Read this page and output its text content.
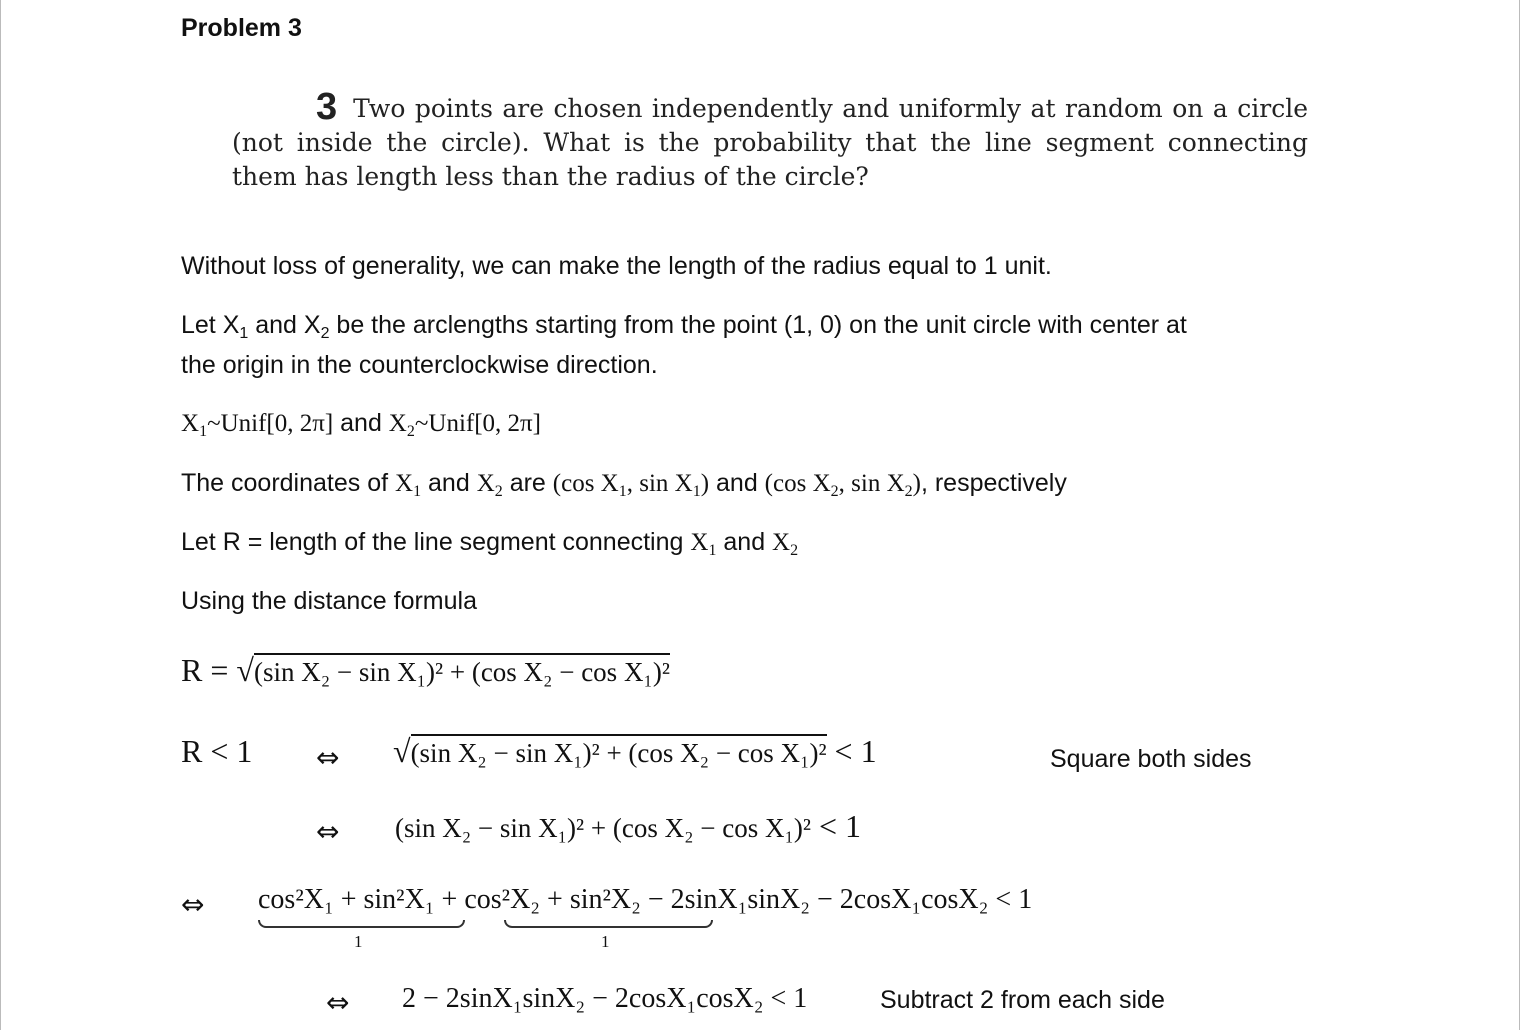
Problem 3
3 Two points are chosen independently and uniformly at random on a circle (not inside the circle). What is the probability that the line segment connecting them has length less than the radius of the circle?
Without loss of generality, we can make the length of the radius equal to 1 unit.
Let $X_1$ and $X_2$ be the arclengths starting from the point (1, 0) on the unit circle with center at
the origin in the counterclockwise direction.
$X_1\sim Unif[0$, 2π] and $X_2\sim Unif[0$, 2π]
The coordinates of $X_1$ and $X_2$ are (cos $X_1$, $\sin X_1$) and (cos $X_2$, $\sin X_2$), respectively
Let R = length of the line segment connecting $X_1$ and $X_2$
Using the distance formula
R = √(sin X₂ − sin X₁)² + (cos X₂ − cos X₁)²
R < 1 ⇔ √(sin X₂ − sin X₁)² + (cos X₂ − cos X₁)² < 1	Square both sides
⇔ (sin X₂ − sin X₁)² + (cos X₂ − cos X₁)² < 1
⇔ cos²X₁ + sin²X₁ + cos²X₂ + sin²X₂ − 2sinX₁sinX₂ − 2cosX₁cosX₂ < 1
1	1
⇔ 2 − 2sinX₁sinX₂ − 2cosX₁cosX₂ < 1	Subtract 2 from each side
